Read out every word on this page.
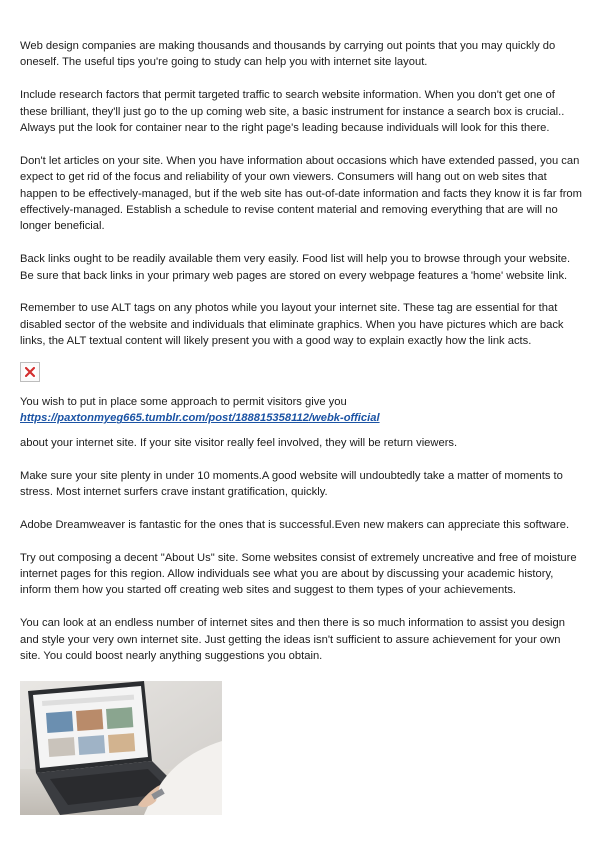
Web design companies are making thousands and thousands by carrying out points that you may quickly do oneself. The useful tips you're going to study can help you with internet site layout.

Include research factors that permit targeted traffic to search website information. When you don't get one of these brilliant, they'll just go to the up coming web site, a basic instrument for instance a search box is crucial.. Always put the look for container near to the right page's leading because individuals will look for this there.

Don't let articles on your site. When you have information about occasions which have extended passed, you can expect to get rid of the focus and reliability of your own viewers. Consumers will hang out on web sites that happen to be effectively-managed, but if the web site has out-of-date information and facts they know it is far from effectively-managed. Establish a schedule to revise content material and removing everything that are will no longer beneficial.

Back links ought to be readily available them very easily. Food list will help you to browse through your website. Be sure that back links in your primary web pages are stored on every webpage features a 'home' website link.

Remember to use ALT tags on any photos while you layout your internet site. These tag are essential for that disabled sector of the website and individuals that eliminate graphics. When you have pictures which are back links, the ALT textual content will likely present you with a good way to explain exactly how the link acts.

You wish to put in place some approach to permit visitors give you
https://paxtonmyeg665.tumblr.com/post/188815358112/webk-official

about your internet site. If your site visitor really feel involved, they will be return viewers.

Make sure your site plenty in under 10 moments.A good website will undoubtedly take a matter of moments to stress. Most internet surfers crave instant gratification, quickly.

Adobe Dreamweaver is fantastic for the ones that is successful.Even new makers can appreciate this software.

Try out composing a decent "About Us" site. Some websites consist of extremely uncreative and free of moisture internet pages for this region. Allow individuals see what you are about by discussing your academic history, inform them how you started off creating web sites and suggest to them types of your achievements.

You can look at an endless number of internet sites and then there is so much information to assist you design and style your very own internet site. Just getting the ideas isn't sufficient to assure achievement for your own site. You could boost nearly anything suggestions you obtain.
